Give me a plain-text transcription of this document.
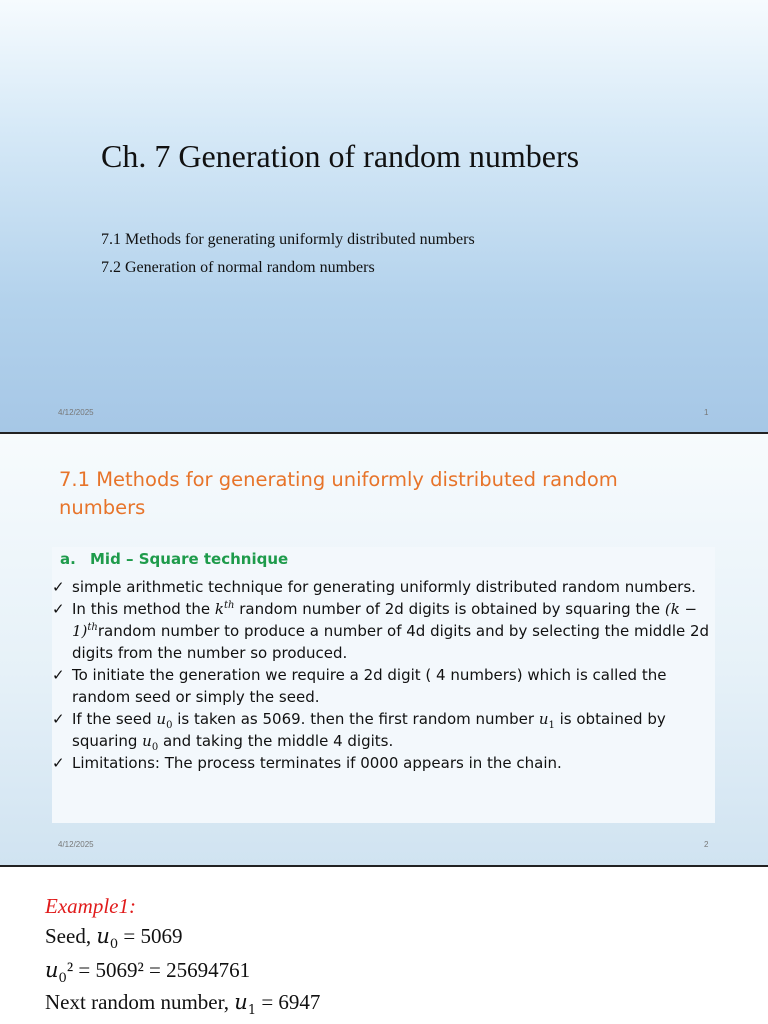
Ch. 7 Generation of random numbers
7.1 Methods for generating uniformly distributed numbers
7.2 Generation of normal random numbers
4/12/2025	1
7.1 Methods for generating uniformly distributed random numbers
a. Mid – Square technique
✓ simple arithmetic technique for generating uniformly distributed random numbers.
✓ In this method the $k^{th}$ random number of 2d digits is obtained by squaring the $(k - 1)^{th}random$ number to produce a number of 4d digits and by selecting the middle 2d digits from the number so produced.
✓ To initiate the generation we require a 2d digit ( 4 numbers) which is called the random seed or simply the seed.
✓ If the seed $u_0$ is taken as 5069. then the first random number $u_1$ is obtained by squaring $u_0$ and taking the middle 4 digits.
✓ Limitations: The process terminates if 0000 appears in the chain.
4/12/2025	2
Example1:
Seed, $u_0 = 5069$
$u_0^2 = 5069^2 = 25694761$
Next random number, $u_1 = 6947$
